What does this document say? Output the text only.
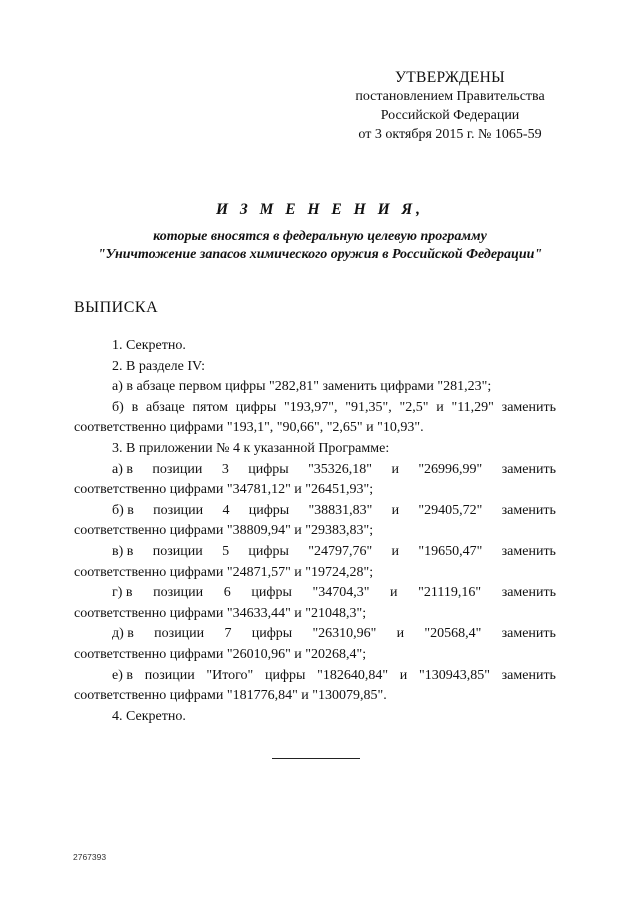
УТВЕРЖДЕНЫ
постановлением Правительства
Российской Федерации
от 3 октября 2015 г. № 1065-59
И З М Е Н Е Н И Я,
которые вносятся в федеральную целевую программу
"Уничтожение запасов химического оружия в Российской Федерации"
ВЫПИСКА

1. Секретно.

2. В разделе IV:

а) в абзаце первом цифры "282,81" заменить цифрами "281,23";

б) в абзаце пятом цифры "193,97", "91,35", "2,5" и "11,29" заменить соответственно цифрами "193,1", "90,66", "2,65" и "10,93".

3. В приложении № 4 к указанной Программе:

а) в позиции 3 цифры "35326,18" и "26996,99" заменить
соответственно цифрами "34781,12" и "26451,93";
б) в позиции 4 цифры "38831,83" и "29405,72" заменить
соответственно цифрами "38809,94" и "29383,83";
в) в позиции 5 цифры "24797,76" и "19650,47" заменить
соответственно цифрами "24871,57" и "19724,28";
г) в позиции 6 цифры "34704,3" и "21119,16" заменить
соответственно цифрами "34633,44" и "21048,3";
д) в позиции 7 цифры "26310,96" и "20568,4" заменить
соответственно цифрами "26010,96" и "20268,4";
е) в позиции "Итого" цифры "182640,84" и "130943,85" заменить
соответственно цифрами "181776,84" и "130079,85".

4. Секретно.

2767393
